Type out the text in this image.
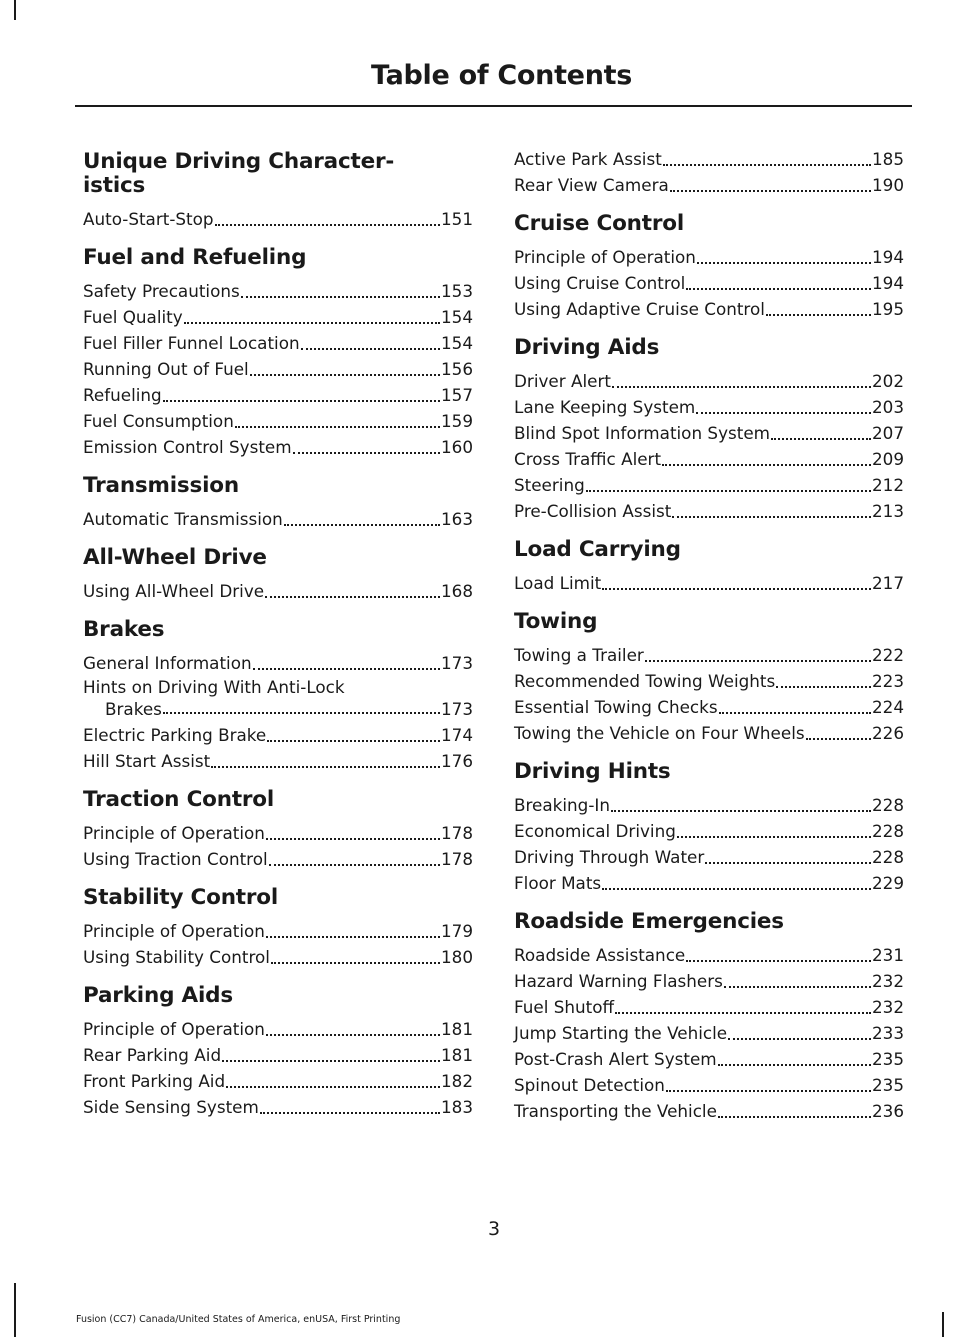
Table of Contents
Unique Driving Character-
istics
Auto-Start-Stop	151
Fuel and Refueling
Safety Precautions	153
Fuel Quality	154
Fuel Filler Funnel Location	154
Running Out of Fuel	156
Refueling	157
Fuel Consumption	159
Emission Control System	160
Transmission
Automatic Transmission	163
All-Wheel Drive
Using All-Wheel Drive	168
Brakes
General Information	173
Hints on Driving With Anti-Lock
Brakes	173
Electric Parking Brake	174
Hill Start Assist	176
Traction Control
Principle of Operation	178
Using Traction Control	178
Stability Control
Principle of Operation	179
Using Stability Control	180
Parking Aids
Principle of Operation	181
Rear Parking Aid	181
Front Parking Aid	182
Side Sensing System	183
Active Park Assist	185
Rear View Camera	190
Cruise Control
Principle of Operation	194
Using Cruise Control	194
Using Adaptive Cruise Control	195
Driving Aids
Driver Alert	202
Lane Keeping System	203
Blind Spot Information System	207
Cross Traffic Alert	209
Steering	212
Pre-Collision Assist	213
Load Carrying
Load Limit	217
Towing
Towing a Trailer	222
Recommended Towing Weights	223
Essential Towing Checks	224
Towing the Vehicle on Four Wheels	226
Driving Hints
Breaking-In	228
Economical Driving	228
Driving Through Water	228
Floor Mats	229
Roadside Emergencies
Roadside Assistance	231
Hazard Warning Flashers	232
Fuel Shutoff	232
Jump Starting the Vehicle	233
Post-Crash Alert System	235
Spinout Detection	235
Transporting the Vehicle	236
3
Fusion (CC7) Canada/United States of America, enUSA, First Printing
